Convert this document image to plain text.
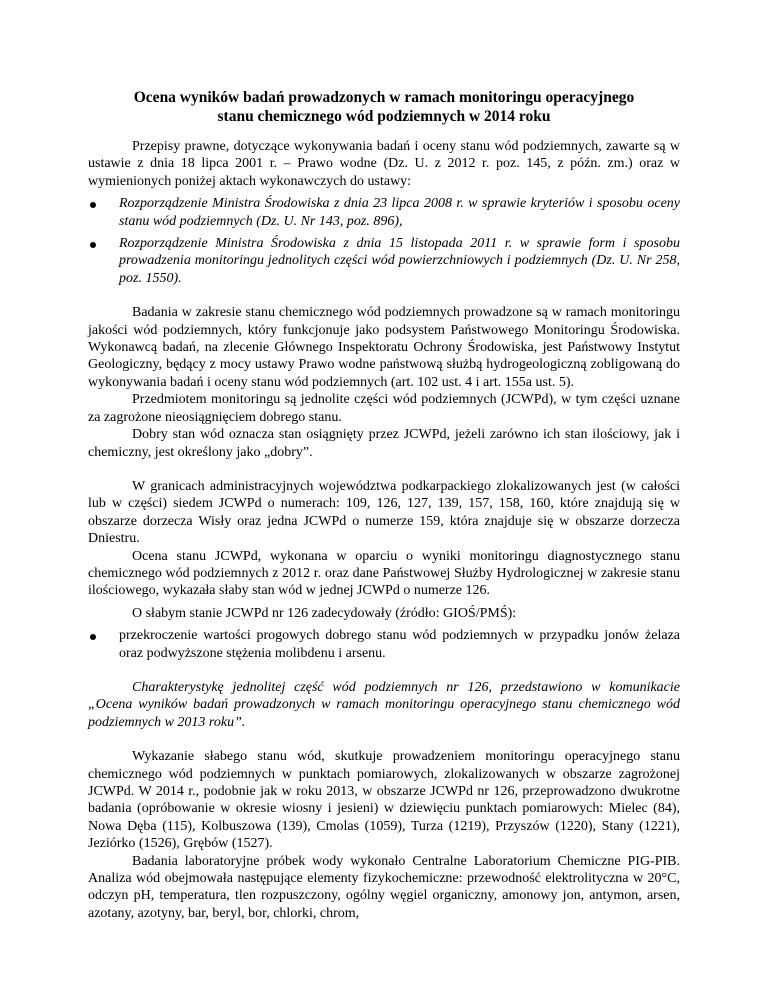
Ocena wyników badań prowadzonych w ramach monitoringu operacyjnego
stanu chemicznego wód podziemnych w 2014 roku

Przepisy prawne, dotyczące wykonywania badań i oceny stanu wód podziemnych, zawarte są w ustawie z dnia 18 lipca 2001 r. – Prawo wodne (Dz. U. z 2012 r. poz. 145, z późn. zm.) oraz w wymienionych poniżej aktach wykonawczych do ustawy:

Rozporządzenie Ministra Środowiska z dnia 23 lipca 2008 r. w sprawie kryteriów i sposobu oceny stanu wód podziemnych (Dz. U. Nr 143, poz. 896),
Rozporządzenie Ministra Środowiska z dnia 15 listopada 2011 r. w sprawie form i sposobu prowadzenia monitoringu jednolitych części wód powierzchniowych i podziemnych (Dz. U. Nr 258, poz. 1550).

Badania w zakresie stanu chemicznego wód podziemnych prowadzone są w ramach monitoringu jakości wód podziemnych, który funkcjonuje jako podsystem Państwowego Monitoringu Środowiska. Wykonawcą badań, na zlecenie Głównego Inspektoratu Ochrony Środowiska, jest Państwowy Instytut Geologiczny, będący z mocy ustawy Prawo wodne państwową służbą hydrogeologiczną zobligowaną do wykonywania badań i oceny stanu wód podziemnych (art. 102 ust. 4 i art. 155a ust. 5).

Przedmiotem monitoringu są jednolite części wód podziemnych (JCWPd), w tym części uznane za zagrożone nieosiągnięciem dobrego stanu.

Dobry stan wód oznacza stan osiągnięty przez JCWPd, jeżeli zarówno ich stan ilościowy, jak i chemiczny, jest określony jako „dobry”.

W granicach administracyjnych województwa podkarpackiego zlokalizowanych jest (w całości lub w części) siedem JCWPd o numerach: 109, 126, 127, 139, 157, 158, 160, które znajdują się w obszarze dorzecza Wisły oraz jedna JCWPd o numerze 159, która znajduje się w obszarze dorzecza Dniestru.

Ocena stanu JCWPd, wykonana w oparciu o wyniki monitoringu diagnostycznego stanu chemicznego wód podziemnych z 2012 r. oraz dane Państwowej Służby Hydrologicznej w zakresie stanu ilościowego, wykazała słaby stan wód w jednej JCWPd o numerze 126.

O słabym stanie JCWPd nr 126 zadecydowały (źródło: GIOŚ/PMŚ):

przekroczenie wartości progowych dobrego stanu wód podziemnych w przypadku jonów żelaza oraz podwyższone stężenia molibdenu i arsenu.

Charakterystykę jednolitej część wód podziemnych nr 126, przedstawiono w komunikacie „Ocena wyników badań prowadzonych w ramach monitoringu operacyjnego stanu chemicznego wód podziemnych w 2013 roku”.

Wykazanie słabego stanu wód, skutkuje prowadzeniem monitoringu operacyjnego stanu chemicznego wód podziemnych w punktach pomiarowych, zlokalizowanych w obszarze zagrożonej JCWPd. W 2014 r., podobnie jak w roku 2013, w obszarze JCWPd nr 126, przeprowadzono dwukrotne badania (opróbowanie w okresie wiosny i jesieni) w dziewięciu punktach pomiarowych: Mielec (84), Nowa Dęba (115), Kolbuszowa (139), Cmolas (1059), Turza (1219), Przyszów (1220), Stany (1221), Jeziórko (1526), Grębów (1527).

Badania laboratoryjne próbek wody wykonało Centralne Laboratorium Chemiczne PIG-PIB. Analiza wód obejmowała następujące elementy fizykochemiczne: przewodność elektrolityczna w 20°C, odczyn pH, temperatura, tlen rozpuszczony, ogólny węgiel organiczny, amonowy jon, antymon, arsen, azotany, azotyny, bar, beryl, bor, chlorki, chrom,
